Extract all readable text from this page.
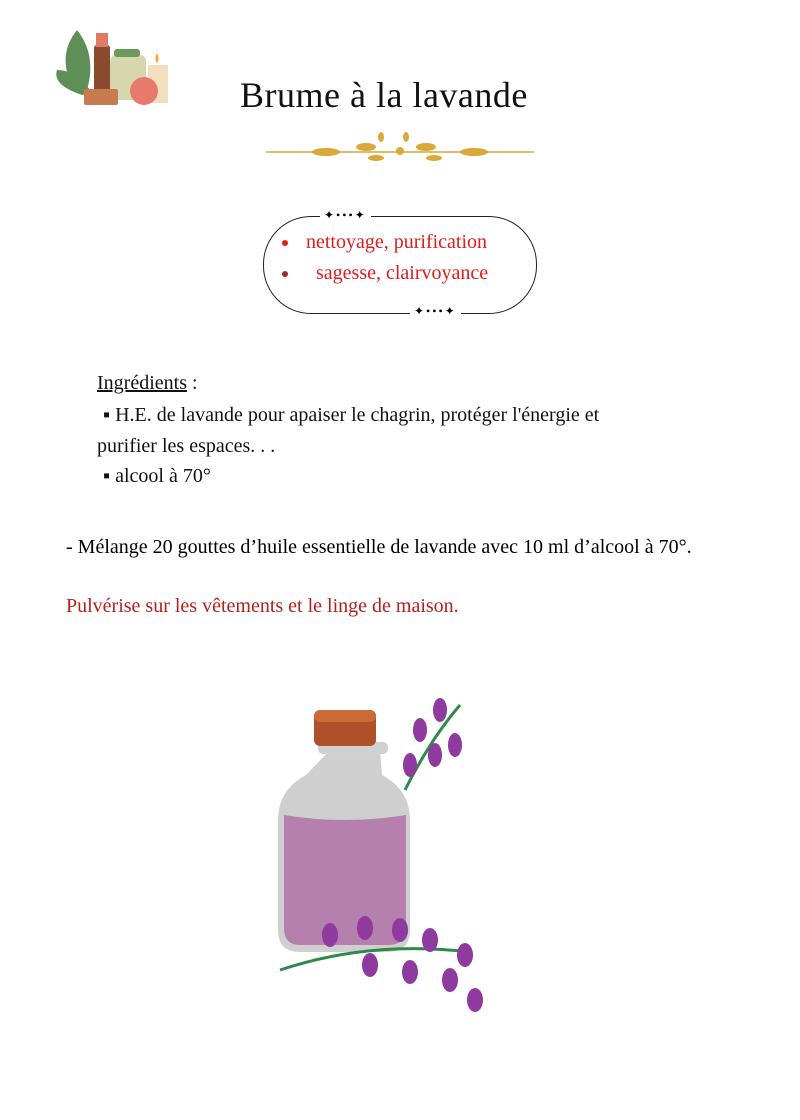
Brume à la lavande
✦•••✦
✦•••✦
nettoyage, purification
sagesse, clairvoyance
Ingrédients :
▪ H.E. de lavande pour apaiser le chagrin, protéger l'énergie et
purifier les espaces. . .
▪ alcool à 70°
- Mélange 20 gouttes d’huile essentielle de lavande avec 10 ml d’alcool à 70°.
Pulvérise sur les vêtements et le linge de maison.
